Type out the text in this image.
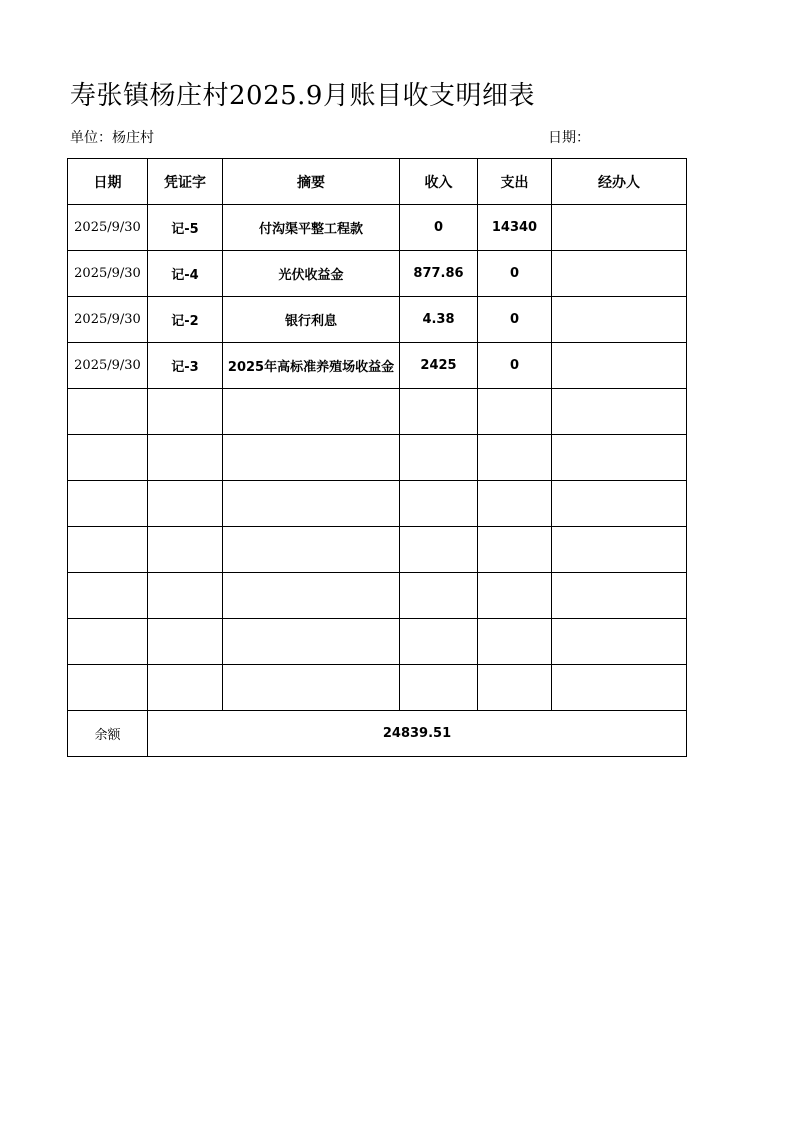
寿张镇杨庄村2025.9月账目收支明细表
单位：杨庄村	日期：
日期	凭证字	摘要	收入	支出	经办人
2025/9/30	记-5	付沟渠平整工程款	0	14340	
2025/9/30	记-4	光伏收益金	877.86	0	
2025/9/30	记-2	银行利息	4.38	0	
2025/9/30	记-3	2025年高标准养殖场收益金	2425	0	

余额	24839.51				
